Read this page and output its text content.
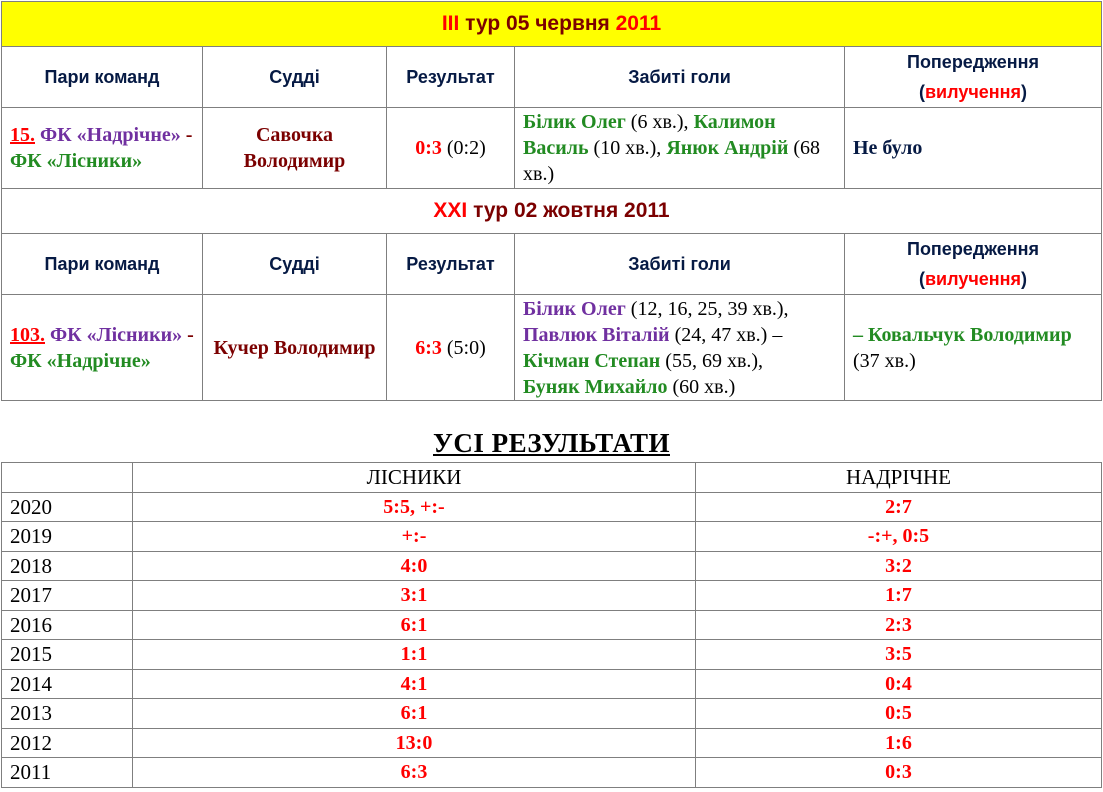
III тур 05 червня 2011				
Пари команд	Судді	Результат	Забиті голи	Попередження
(вилучення)
15. ФК «Надрічне» - ФК «Лісники»	Савочка Володимир	0:3 (0:2)	Білик Олег (6 хв.), Калимон Василь (10 хв.), Янюк Андрій (68 хв.)	Не було
XXI тур 02 жовтня 2011				
Пари команд	Судді	Результат	Забиті голи	Попередження
(вилучення)
103. ФК «Лісники» - ФК «Надрічне»	Кучер Володимир	6:3 (5:0)	Білик Олег (12, 16, 25, 39 хв.),
Павлюк Віталій (24, 47 хв.) –
Кічман Степан (55, 69 хв.),
Буняк Михайло (60 хв.)	– Ковальчук Володимир (37 хв.)
УСІ РЕЗУЛЬТАТИ
	ЛІСНИКИ	НАДРІЧНЕ
2020	5:5, +:-	2:7
2019	+:-	-:+, 0:5
2018	4:0	3:2
2017	3:1	1:7
2016	6:1	2:3
2015	1:1	3:5
2014	4:1	0:4
2013	6:1	0:5
2012	13:0	1:6
2011	6:3	0:3
